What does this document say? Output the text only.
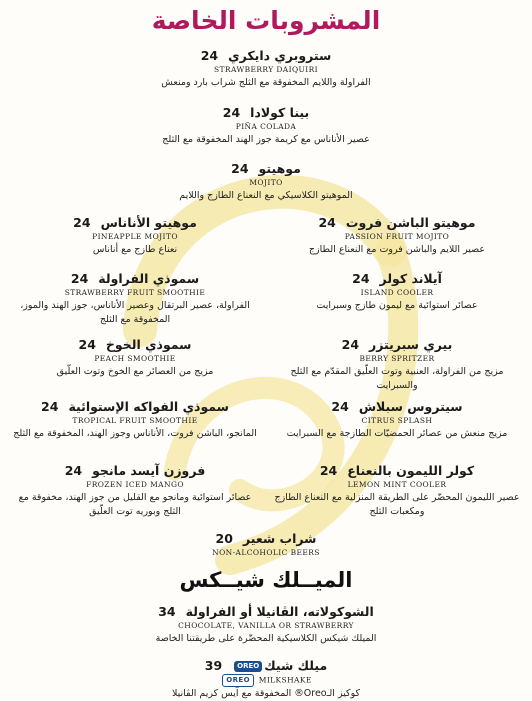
المشروبات الخاصة
ستروبري دايكري24
STRAWBERRY DAIQUIRI
الفراولة واللايم المخفوقة مع الثلج شراب بارد ومنعش
بينا كولادا24
PIÑA COLADA
عصير الأناناس مع كريمة جوز الهند المخفوقة مع الثلج
موهيتو24
MOJITO
الموهيتو الكلاسيكي مع النعناع الطازج واللايم
موهيتو الأناناس24
PINEAPPLE MOJITO
نعناع طازج مع أناناس
موهيتو الباشن فروت24
PASSION FRUIT MOJITO
عصير اللايم والباشن فروت مع النعناع الطازج
سموذي الفراولة24
STRAWBERRY FRUIT SMOOTHIE
الفراولة، عصير البرتقال وعصير الأناناس، جوز الهند والموز، المخفوقة مع الثلج
آيلاند كولر24
ISLAND COOLER
عصائر استوائية مع ليمون طازج وسبرايت
سموذي الخوخ24
PEACH SMOOTHIE
مزيج من العصائر مع الخوخ وتوت العلّيق
بيري سبريتزر24
BERRY SPRITZER
مزيج من الفراولة، العنبية وتوت العلّيق المقدّم مع الثلج والسبرايت
سموذي الفواكه الإستوائية24
TROPICAL FRUIT SMOOTHIE
المانجو، الباشن فروت، الأناناس وجوز الهند، المخفوقة مع الثلج
سيتروس سبلاش24
CITRUS SPLASH
مزيج منعش من عصائر الحمضيّات الطازجة مع السبرايت
فروزن آيسد مانجو24
FROZEN ICED MANGO
عصائر استوائية ومانجو مع القليل من جوز الهند، مخفوقة مع الثلج وبوريه توت العلّيق
كولر الليمون بالنعناع24
LEMON MINT COOLER
عصير الليمون المحضّر على الطريقة المنزلية مع النعناع الطازج ومكعبات الثلج
شراب شعير20
NON-ALCOHOLIC BEERS
الميــلك شيــكس
الشوكولاته، الڤانيلا أو الفراولة34
CHOCOLATE, VANILLA OR STRAWBERRY
الميلك شيكس الكلاسيكية المحضّرة على طريقتنا الخاصة
ميلك شيكOREO39
OREO MILKSHAKE
كوكيز الـOreo® المخفوقة مع آيس كريم الڤانيلا
